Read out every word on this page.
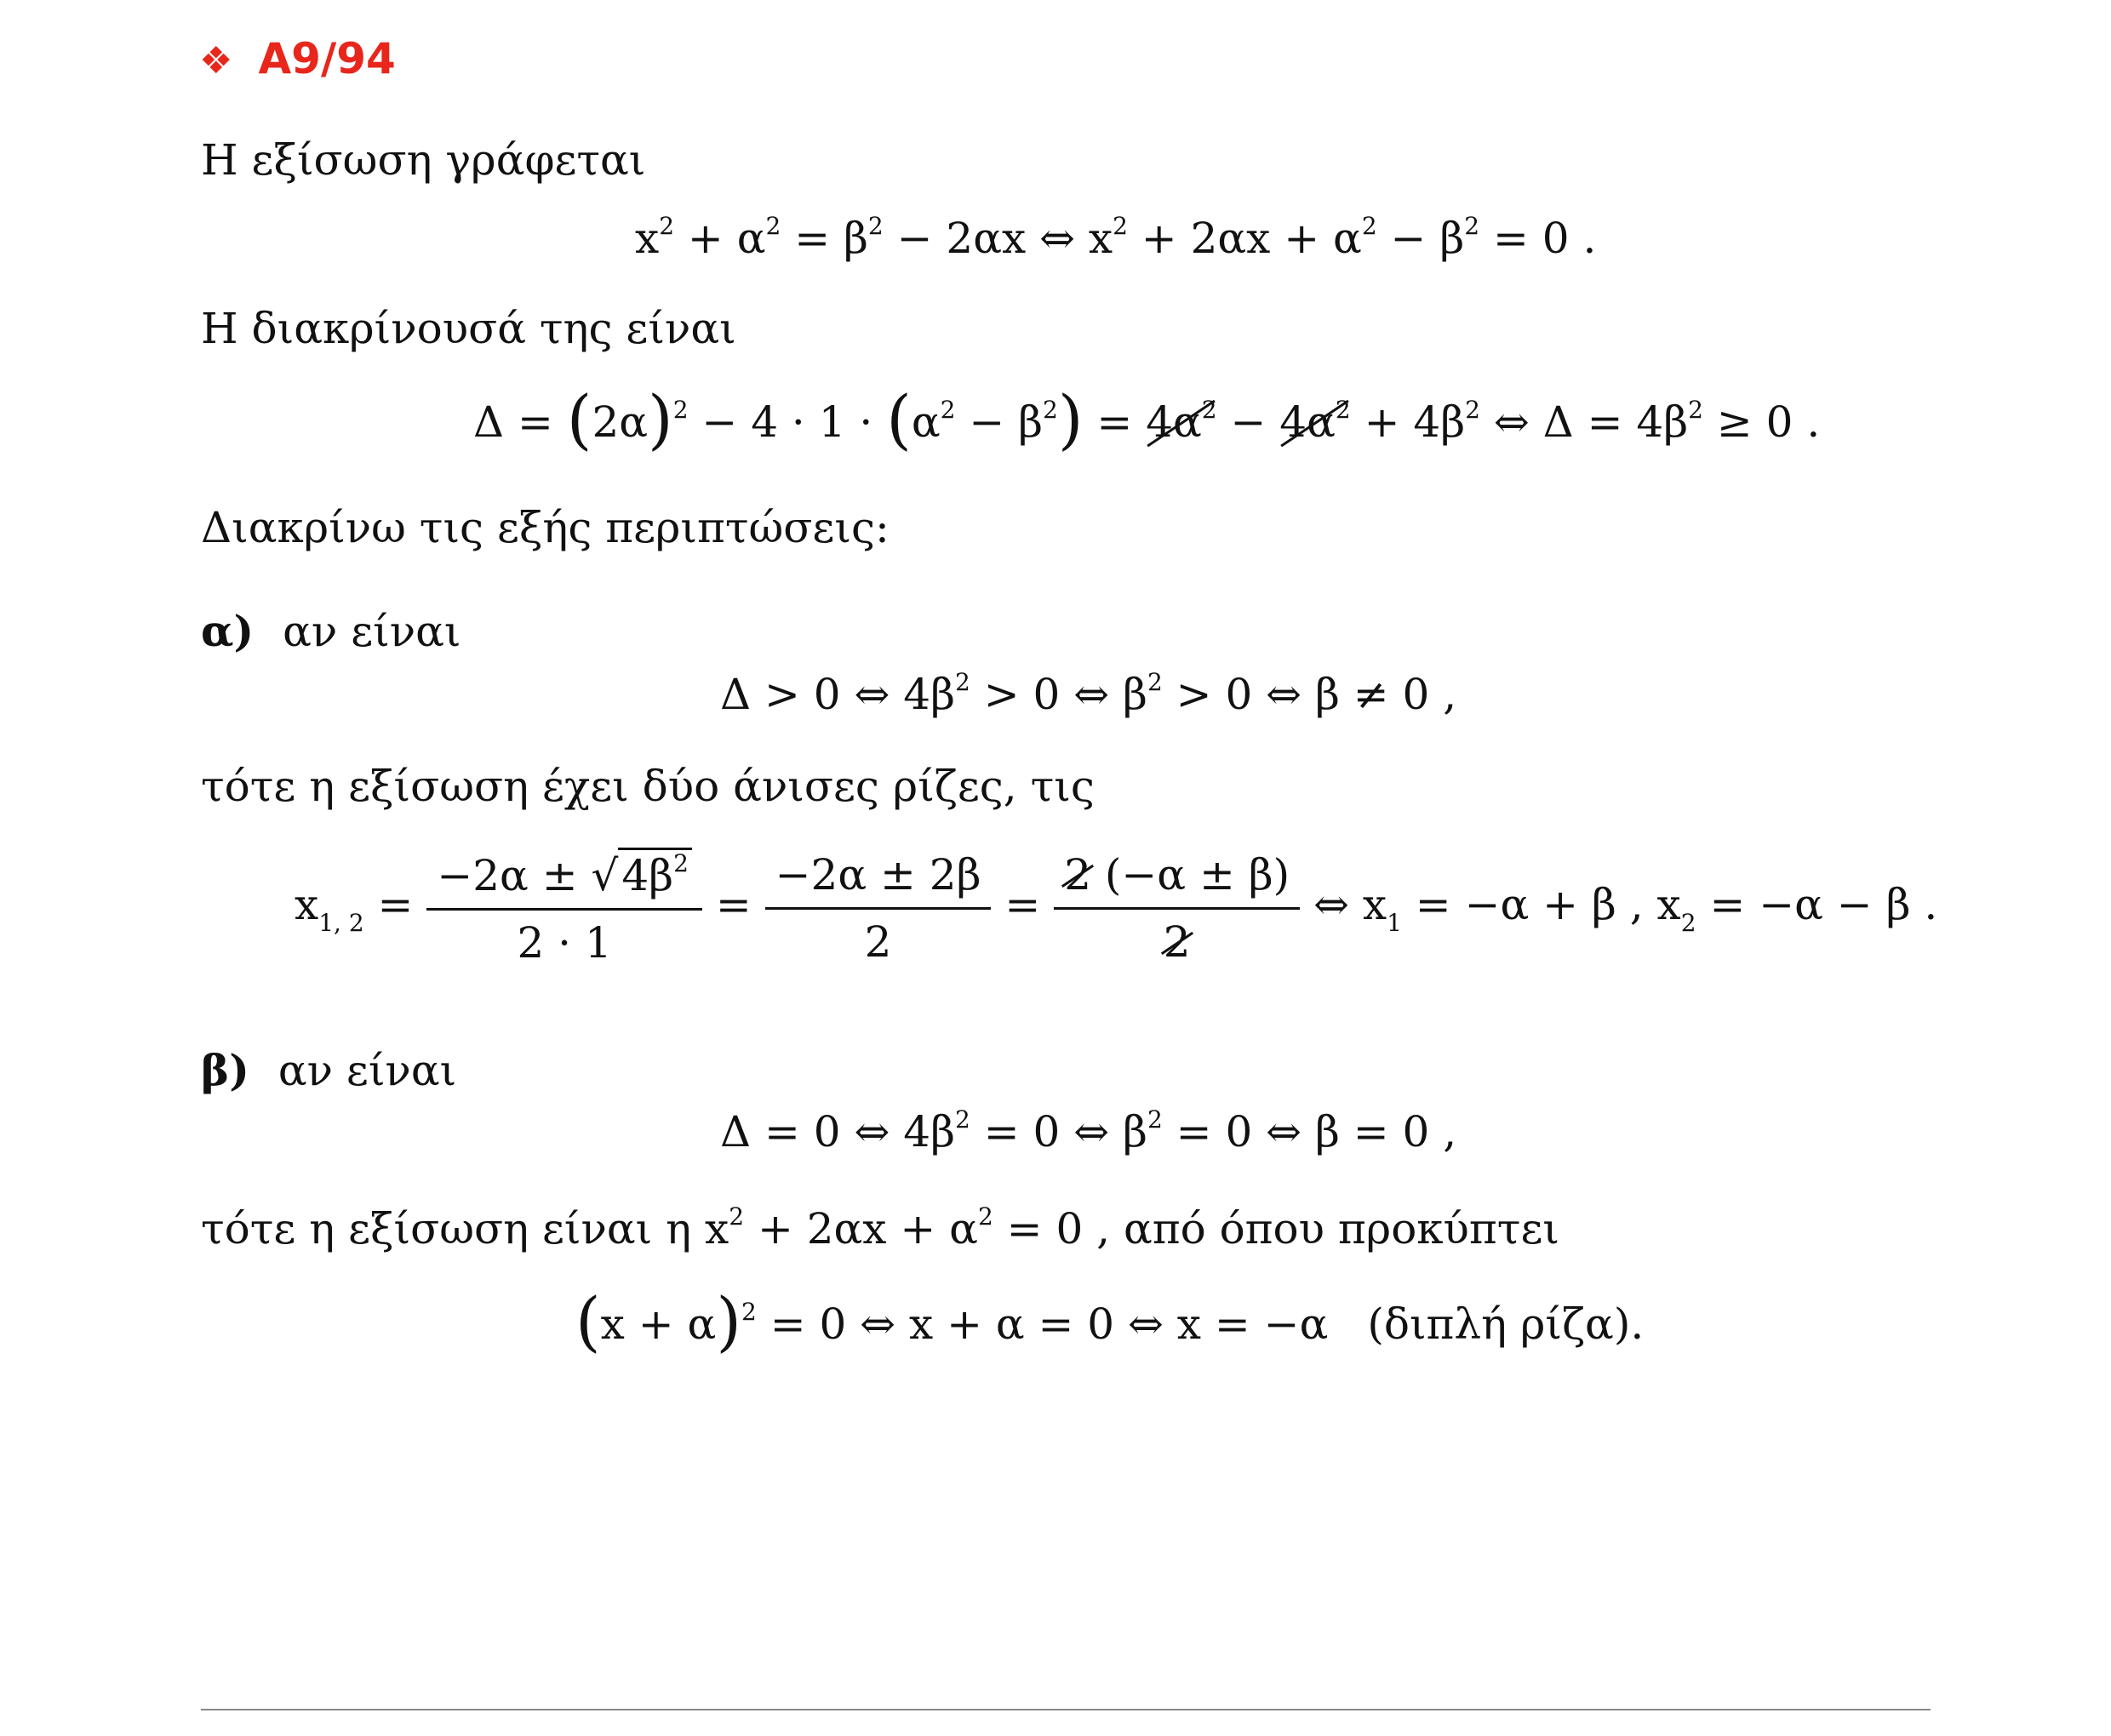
❖ A9/94
Η εξίσωση γράφεται
$x^2 + \alpha^2 = \beta^2 - 2\alpha x$ ⇔ $x^2 + 2\alpha x + \alpha^2 - \beta^2 = 0$ .
Η διακρίνουσά της είναι
$\Delta = (2\alpha)^2 - 4 \cdot 1 \cdot (\alpha^2 - \beta^2) = 4\alpha^2 - 4\alpha^2 + 4\beta^2$ ⇔ $\Delta = 4\beta^2 \ge 0$ .
Διακρίνω τις εξής περιπτώσεις:
α) αν είναι
Δ > 0 ⇔ $4\beta^2 > 0$ ⇔ $\beta^2 > 0$ ⇔ β ≠ 0 ,
τότε η εξίσωση έχει δύο άνισες ρίζες, τις
$x_{1, 2} = \frac{-2\alpha \pm √4\beta^2}{2 \cdot 1} = \frac{-2\alpha \pm 2\beta}{2} = \frac{2 (-\alpha \pm \beta)}{2}$ ⇔ $x_1 = -\alpha + \beta$ , $x_2 = -\alpha - \beta$ .
β) αν είναι
Δ = 0 ⇔ $4\beta^2 = 0$ ⇔ $\beta^2 = 0$ ⇔ β = 0 ,
τότε η εξίσωση είναι η $x^2 + 2\alpha x + \alpha^2 = 0$ , από όπου προκύπτει
$(x + \alpha)^2 = 0$ ⇔ x + α = 0 ⇔ x = −α (διπλή ρίζα).
